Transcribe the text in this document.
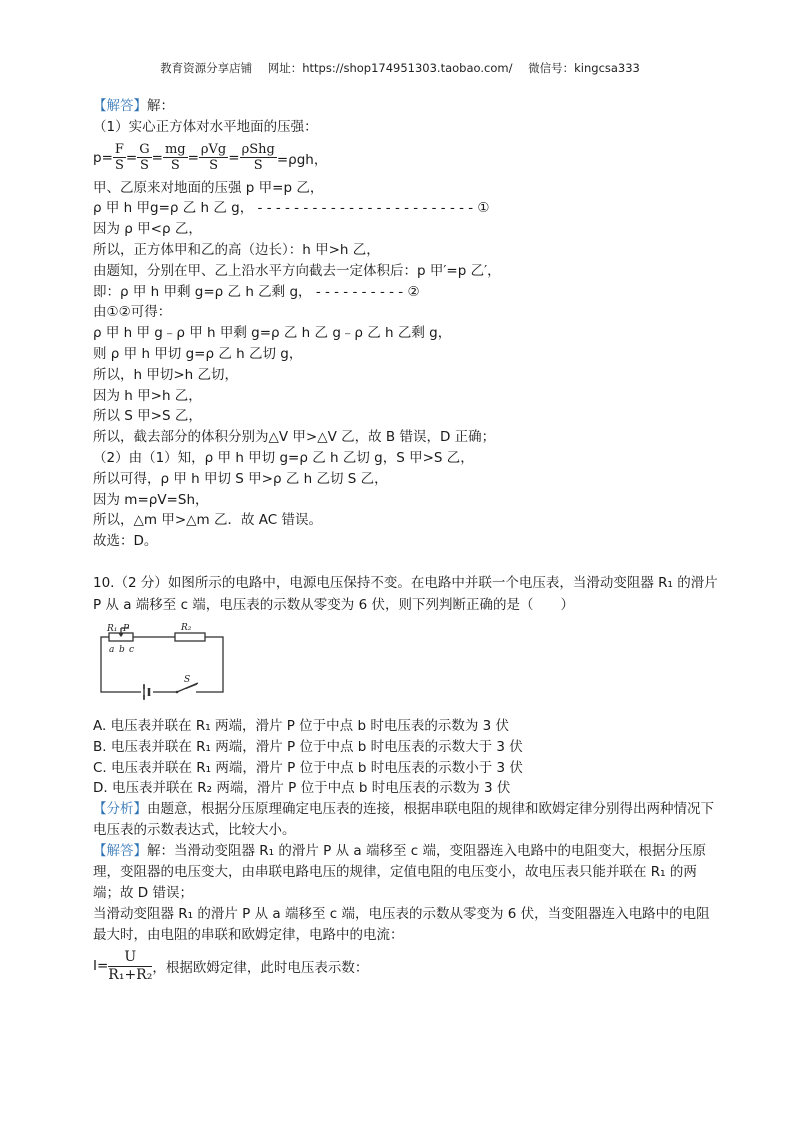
教育资源分享店铺 网址：https://shop174951303.taobao.com/ 微信号：kingcsa333
【解答】解：
（1）实心正方体对水平地面的压强：
$p= \frac{F}{S} = \frac{G}{S} = \frac{mg}{S} = \frac{\text{ρVg}}{S} = \frac{\text{ρShg}}{S} =\rho gh$，
甲、乙原来对地面的压强 p 甲=p 乙，
ρ 甲 h 甲g=ρ 乙 h 乙 g， - - - - - - - - - - - - - - - - - - - - - - - - ①
因为 ρ 甲<ρ 乙，
所以，正方体甲和乙的高（边长）：h 甲>h 乙，
由题知，分别在甲、乙上沿水平方向截去一定体积后：p 甲′=p 乙′，
即：ρ 甲 h 甲剩 g=ρ 乙 h 乙剩 g， - - - - - - - - - - ②
由①②可得：
ρ 甲 h 甲 g﹣ρ 甲 h 甲剩 g=ρ 乙 h 乙 g﹣ρ 乙 h 乙剩 g，
则 ρ 甲 h 甲切 g=ρ 乙 h 乙切 g，
所以，h 甲切>h 乙切，
因为 h 甲>h 乙，
所以 S 甲>S 乙，
所以，截去部分的体积分别为△V 甲>△V 乙，故 B 错误，D 正确；
（2）由（1）知，ρ 甲 h 甲切 g=ρ 乙 h 乙切 g，S 甲>S 乙，
所以可得，ρ 甲 h 甲切 S 甲>ρ 乙 h 乙切 S 乙，
因为 m=ρV=Sh，
所以，△m 甲>△m 乙．故 AC 错误。
故选：D。
10.（2 分）如图所示的电路中，电源电压保持不变。在电路中并联一个电压表，当滑动变阻器 R₁ 的滑片 P 从 a 端移至 c 端，电压表的示数从零变为 6 伏，则下列判断正确的是（　　）
R₁ P	R₂
a b c
S
A. 电压表并联在 R₁ 两端，滑片 P 位于中点 b 时电压表的示数为 3 伏
B. 电压表并联在 R₁ 两端，滑片 P 位于中点 b 时电压表的示数大于 3 伏
C. 电压表并联在 R₁ 两端，滑片 P 位于中点 b 时电压表的示数小于 3 伏
D. 电压表并联在 R₂ 两端，滑片 P 位于中点 b 时电压表的示数为 3 伏
【分析】由题意，根据分压原理确定电压表的连接，根据串联电阻的规律和欧姆定律分别得出两种情况下电压表的示数表达式，比较大小。
【解答】解：当滑动变阻器 R₁ 的滑片 P 从 a 端移至 c 端，变阻器连入电路中的电阻变大，根据分压原理，变阻器的电压变大，由串联电路电压的规律，定值电阻的电压变小，故电压表只能并联在 R₁ 的两端；故 D 错误；
当滑动变阻器 R₁ 的滑片 P 从 a 端移至 c 端，电压表的示数从零变为 6 伏，当变阻器连入电路中的电阻最大时，由电阻的串联和欧姆定律，电路中的电流：
$I= \frac{U}{\text{R₁+R₂}}$ ，根据欧姆定律，此时电压表示数：
